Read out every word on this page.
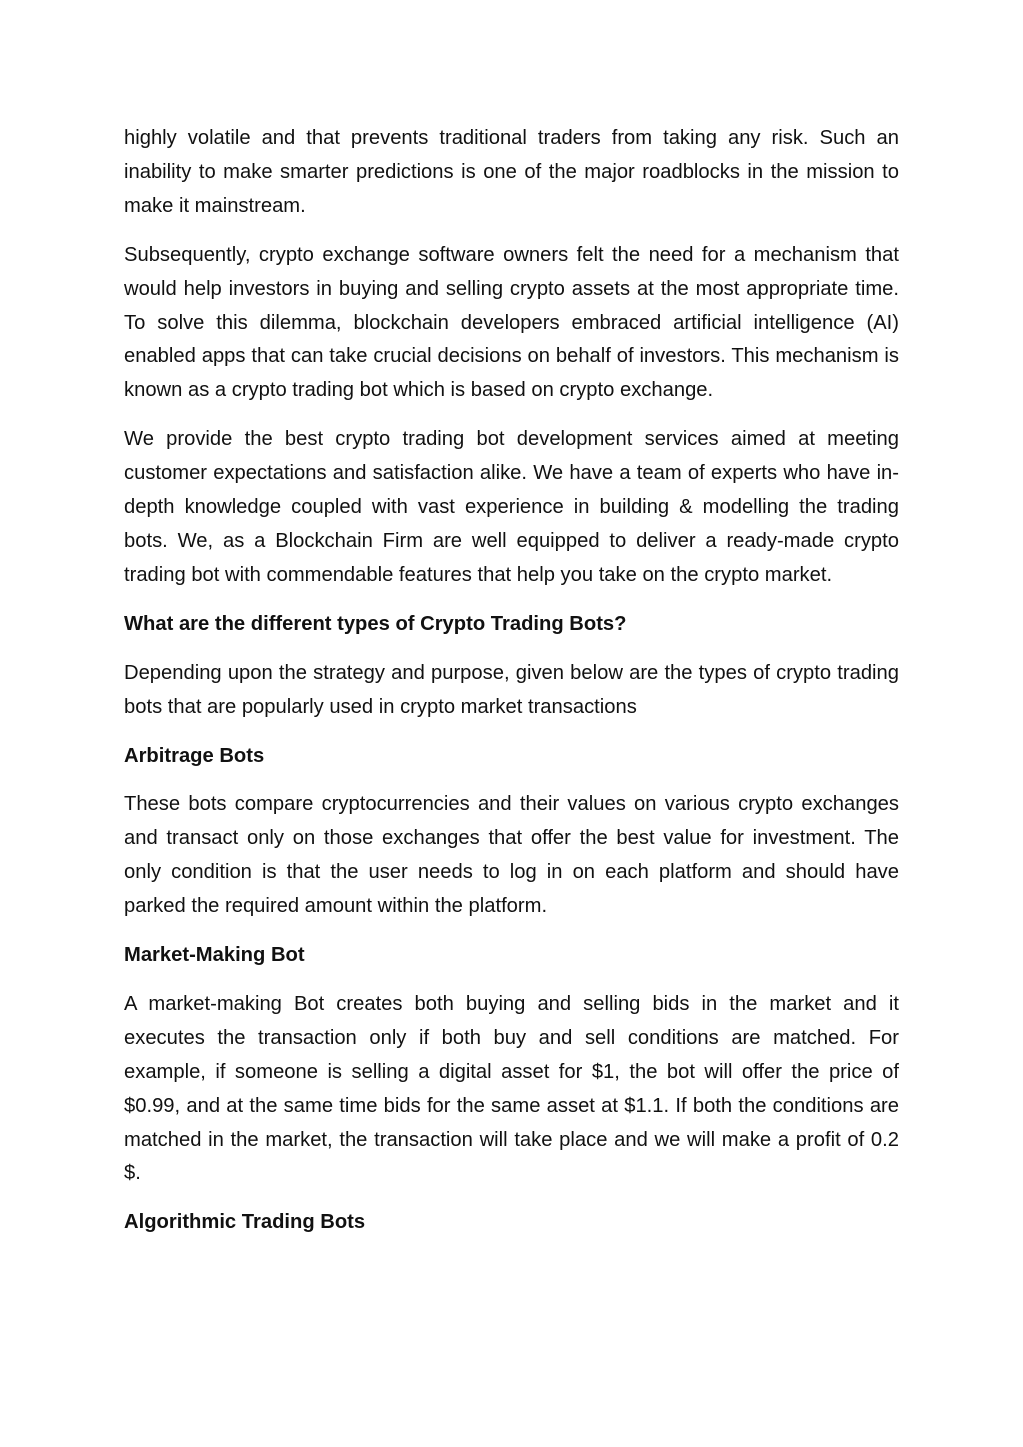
highly volatile and that prevents traditional traders from taking any risk. Such an inability to make smarter predictions is one of the major roadblocks in the mission to make it mainstream.

Subsequently, crypto exchange software owners felt the need for a mechanism that would help investors in buying and selling crypto assets at the most appropriate time. To solve this dilemma, blockchain developers embraced artificial intelligence (AI) enabled apps that can take crucial decisions on behalf of investors. This mechanism is known as a crypto trading bot which is based on crypto exchange.

We provide the best crypto trading bot development services aimed at meeting customer expectations and satisfaction alike. We have a team of experts who have in-depth knowledge coupled with vast experience in building & modelling the trading bots. We, as a Blockchain Firm are well equipped to deliver a ready-made crypto trading bot with commendable features that help you take on the crypto market.

What are the different types of Crypto Trading Bots?

Depending upon the strategy and purpose, given below are the types of crypto trading bots that are popularly used in crypto market transactions

Arbitrage Bots

These bots compare cryptocurrencies and their values on various crypto exchanges and transact only on those exchanges that offer the best value for investment. The only condition is that the user needs to log in on each platform and should have parked the required amount within the platform.

Market-Making Bot

A market-making Bot creates both buying and selling bids in the market and it executes the transaction only if both buy and sell conditions are matched. For example, if someone is selling a digital asset for $1, the bot will offer the price of $0.99, and at the same time bids for the same asset at $1.1. If both the conditions are matched in the market, the transaction will take place and we will make a profit of 0.2 $.

Algorithmic Trading Bots
